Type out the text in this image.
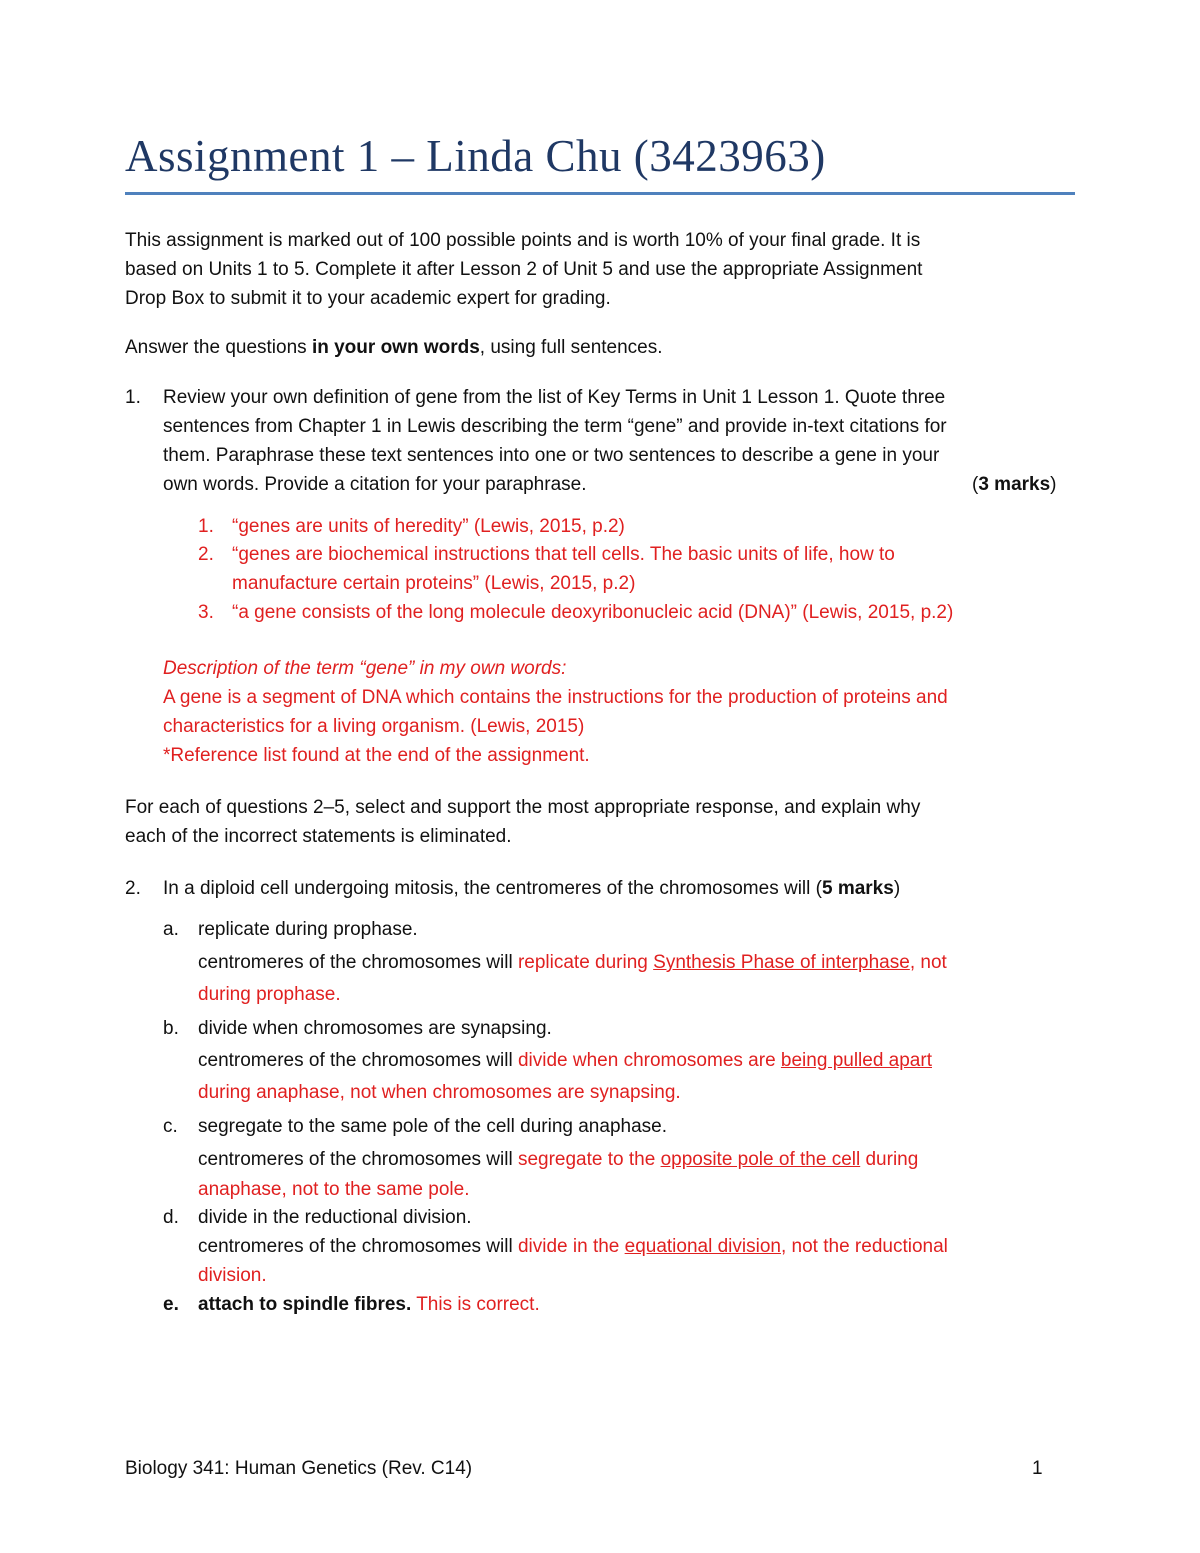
Assignment 1 – Linda Chu (3423963)
This assignment is marked out of 100 possible points and is worth 10% of your final grade. It is
based on Units 1 to 5. Complete it after Lesson 2 of Unit 5 and use the appropriate Assignment
Drop Box to submit it to your academic expert for grading.
Answer the questions in your own words, using full sentences.
1. Review your own definition of gene from the list of Key Terms in Unit 1 Lesson 1. Quote three
sentences from Chapter 1 in Lewis describing the term “gene” and provide in-text citations for
them. Paraphrase these text sentences into one or two sentences to describe a gene in your
own words. Provide a citation for your paraphrase.	(3 marks)
1. “genes are units of heredity” (Lewis, 2015, p.2)
2. “genes are biochemical instructions that tell cells. The basic units of life, how to
manufacture certain proteins” (Lewis, 2015, p.2)
3. “a gene consists of the long molecule deoxyribonucleic acid (DNA)” (Lewis, 2015, p.2)
Description of the term “gene” in my own words:
A gene is a segment of DNA which contains the instructions for the production of proteins and
characteristics for a living organism. (Lewis, 2015)
*Reference list found at the end of the assignment.
For each of questions 2–5, select and support the most appropriate response, and explain why
each of the incorrect statements is eliminated.
2. In a diploid cell undergoing mitosis, the centromeres of the chromosomes will (5 marks)
a. replicate during prophase.
centromeres of the chromosomes will replicate during Synthesis Phase of interphase, not
during prophase.
b. divide when chromosomes are synapsing.
centromeres of the chromosomes will divide when chromosomes are being pulled apart
during anaphase, not when chromosomes are synapsing.
c. segregate to the same pole of the cell during anaphase.
centromeres of the chromosomes will segregate to the opposite pole of the cell during
anaphase, not to the same pole.
d. divide in the reductional division.
centromeres of the chromosomes will divide in the equational division, not the reductional
division.
e. attach to spindle fibres. This is correct.
Biology 341: Human Genetics (Rev. C14)	1
